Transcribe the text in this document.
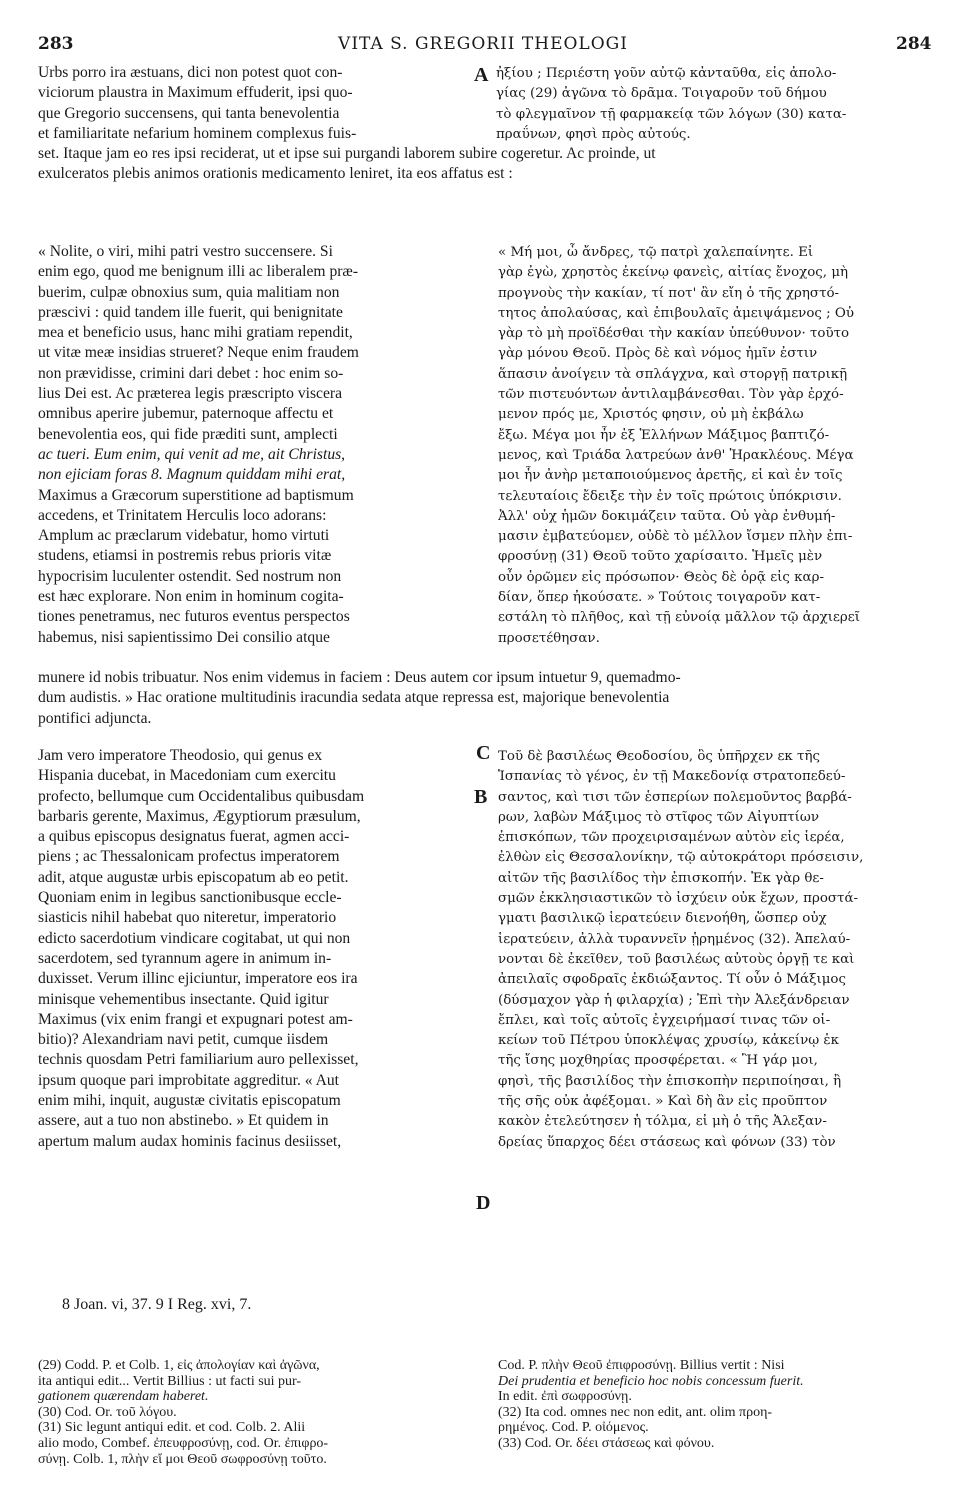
283	VITA S. GREGORII THEOLOGI	284
A
B
C
D
Urbs porro ira æstuans, dici non potest quot con-
viciorum plaustra in Maximum effuderit, ipsi quo-
que Gregorio succensens, qui tanta benevolentia
et familiaritate nefarium hominem complexus fuis-
ἠξίου ; Περιέστη γοῦν αὐτῷ κἀνταῦθα, εἰς ἀπολο-
γίας (29) ἀγῶνα τὸ δρᾶμα. Τοιγαροῦν τοῦ δήμου
τὸ φλεγμαῖνον τῇ φαρμακείᾳ τῶν λόγων (30) κατα-
πραΰνων, φησὶ πρὸς αὐτούς.
set. Itaque jam eo res ipsi reciderat, ut et ipse sui purgandi laborem subire cogeretur. Ac proinde, ut
exulceratos plebis animos orationis medicamento leniret, ita eos affatus est :
« Nolite, o viri, mihi patri vestro succensere. Si
enim ego, quod me benignum illi ac liberalem præ-
buerim, culpæ obnoxius sum, quia malitiam non
præscivi : quid tandem ille fuerit, qui benignitate
mea et beneficio usus, hanc mihi gratiam rependit,
ut vitæ meæ insidias strueret? Neque enim fraudem
non prævidisse, crimini dari debet : hoc enim so-
lius Dei est. Ac præterea legis præscripto viscera
omnibus aperire jubemur, paternoque affectu et
benevolentia eos, qui fide præditi sunt, amplecti
ac tueri. Eum enim, qui venit ad me, ait Christus,
non ejiciam foras 8. Magnum quiddam mihi erat,
Maximus a Græcorum superstitione ad baptismum
accedens, et Trinitatem Herculis loco adorans:
Amplum ac præclarum videbatur, homo virtuti
studens, etiamsi in postremis rebus prioris vitæ
hypocrisim luculenter ostendit. Sed nostrum non
est hæc explorare. Non enim in hominum cogita-
tiones penetramus, nec futuros eventus perspectos
habemus, nisi sapientissimo Dei consilio atque
« Μή μοι, ὦ ἄνδρες, τῷ πατρὶ χαλεπαίνητε. Εἰ
γὰρ ἐγὼ, χρηστὸς ἐκείνῳ φανεὶς, αἰτίας ἔνοχος, μὴ
προγνοὺς τὴν κακίαν, τί ποτ' ἂν εἴη ὁ τῆς χρηστό-
τητος ἀπολαύσας, καὶ ἐπιβουλαῖς ἀμειψάμενος ; Οὐ
γὰρ τὸ μὴ προϊδέσθαι τὴν κακίαν ὑπεύθυνον· τοῦτο
γὰρ μόνου Θεοῦ. Πρὸς δὲ καὶ νόμος ἡμῖν ἐστιν
ἅπασιν ἀνοίγειν τὰ σπλάγχνα, καὶ στοργῇ πατρικῇ
τῶν πιστευόντων ἀντιλαμβάνεσθαι. Τὸν γὰρ ἐρχό-
μενον πρός με, Χριστός φησιν, οὐ μὴ ἐκβάλω
ἔξω. Μέγα μοι ἦν ἐξ Ἑλλήνων Μάξιμος βαπτιζό-
μενος, καὶ Τριάδα λατρεύων ἀνθ' Ἡρακλέους. Μέγα
μοι ἦν ἀνὴρ μεταποιούμενος ἀρετῆς, εἰ καὶ ἐν τοῖς
τελευταίοις ἔδειξε τὴν ἐν τοῖς πρώτοις ὑπόκρισιν.
Ἀλλ' οὐχ ἡμῶν δοκιμάζειν ταῦτα. Οὐ γὰρ ἐνθυμή-
μασιν ἐμβατεύομεν, οὐδὲ τὸ μέλλον ἴσμεν πλὴν ἐπι-
φροσύνῃ (31) Θεοῦ τοῦτο χαρίσαιτο. Ἡμεῖς μὲν
οὖν ὁρῶμεν εἰς πρόσωπον· Θεὸς δὲ ὁρᾷ εἰς καρ-
δίαν, ὅπερ ἠκούσατε. » Τούτοις τοιγαροῦν κατ-
εστάλη τὸ πλῆθος, καὶ τῇ εὐνοίᾳ μᾶλλον τῷ ἀρχιερεῖ
προσετέθησαν.
munere id nobis tribuatur. Nos enim videmus in faciem : Deus autem cor ipsum intuetur 9, quemadmo-
dum audistis. » Hac oratione multitudinis iracundia sedata atque repressa est, majorique benevolentia
pontifici adjuncta.
Jam vero imperatore Theodosio, qui genus ex
Hispania ducebat, in Macedoniam cum exercitu
profecto, bellumque cum Occidentalibus quibusdam
barbaris gerente, Maximus, Ægyptiorum præsulum,
a quibus episcopus designatus fuerat, agmen acci-
piens ; ac Thessalonicam profectus imperatorem
adit, atque augustæ urbis episcopatum ab eo petit.
Quoniam enim in legibus sanctionibusque eccle-
siasticis nihil habebat quo niteretur, imperatorio
edicto sacerdotium vindicare cogitabat, ut qui non
sacerdotem, sed tyrannum agere in animum in-
duxisset. Verum illinc ejiciuntur, imperatore eos ira
minisque vehementibus insectante. Quid igitur
Maximus (vix enim frangi et expugnari potest am-
bitio)? Alexandriam navi petit, cumque iisdem
technis quosdam Petri familiarium auro pellexisset,
ipsum quoque pari improbitate aggreditur. « Aut
enim mihi, inquit, augustæ civitatis episcopatum
assere, aut a tuo non abstinebo. » Et quidem in
apertum malum audax hominis facinus desiisset,
Τοῦ δὲ βασιλέως Θεοδοσίου, ὃς ὑπῆρχεν εκ τῆς
Ἱσπανίας τὸ γένος, ἐν τῇ Μακεδονίᾳ στρατοπεδεύ-
σαντος, καὶ τισι τῶν ἑσπερίων πολεμοῦντος βαρβά-
ρων, λαβὼν Μάξιμος τὸ στῖφος τῶν Αἰγυπτίων
ἐπισκόπων, τῶν προχειρισαμένων αὐτὸν εἰς ἱερέα,
ἐλθὼν εἰς Θεσσαλονίκην, τῷ αὐτοκράτορι πρόσεισιν,
αἰτῶν τῆς βασιλίδος τὴν ἐπισκοπήν. Ἐκ γὰρ θε-
σμῶν ἐκκλησιαστικῶν τὸ ἰσχύειν οὐκ ἔχων, προστά-
γματι βασιλικῷ ἱερατεύειν διενοήθη, ὥσπερ οὐχ
ἱερατεύειν, ἀλλὰ τυραννεῖν ᾑρημένος (32). Ἀπελαύ-
νονται δὲ ἐκεῖθεν, τοῦ βασιλέως αὐτοὺς ὀργῇ τε καὶ
ἀπειλαῖς σφοδραῖς ἐκδιώξαντος. Τί οὖν ὁ Μάξιμος
(δύσμαχον γὰρ ἡ φιλαρχία) ; Ἐπὶ τὴν Ἀλεξάνδρειαν
ἔπλει, καὶ τοῖς αὐτοῖς ἐγχειρήμασί τινας τῶν οἰ-
κείων τοῦ Πέτρου ὑποκλέψας χρυσίῳ, κἀκείνῳ ἐκ
τῆς ἴσης μοχθηρίας προσφέρεται. « Ἢ γάρ μοι,
φησὶ, τῆς βασιλίδος τὴν ἐπισκοπὴν περιποίησαι, ἢ
τῆς σῆς οὐκ ἀφέξομαι. » Καὶ δὴ ἂν εἰς προῦπτον
κακὸν ἐτελεύτησεν ἡ τόλμα, εἰ μὴ ὁ τῆς Ἀλεξαν-
δρείας ὕπαρχος δέει στάσεως καὶ φόνων (33) τὸν
8 Joan. vi, 37. 9 I Reg. xvi, 7.
(29) Codd. P. et Colb. 1, εἰς ἀπολογίαν καὶ ἀγῶνα,
ita antiqui edit... Vertit Billius : ut facti sui pur-
gationem quærendam haberet.
(30) Cod. Or. τοῦ λόγου.
(31) Sic legunt antiqui edit. et cod. Colb. 2. Alii
alio modo, Combef. ἐπευφροσύνῃ, cod. Or. ἐπιφρο-
σύνῃ. Colb. 1, πλὴν εἴ μοι Θεοῦ σωφροσύνῃ τοῦτο.
Cod. P. πλὴν Θεοῦ ἐπιφροσύνῃ. Billius vertit : Nisi
Dei prudentia et beneficio hoc nobis concessum fuerit.
In edit. ἐπὶ σωφροσύνῃ.
(32) Ita cod. omnes nec non edit, ant. olim προη-
ρημένος. Cod. P. οἰόμενος.
(33) Cod. Or. δέει στάσεως καὶ φόνου.
